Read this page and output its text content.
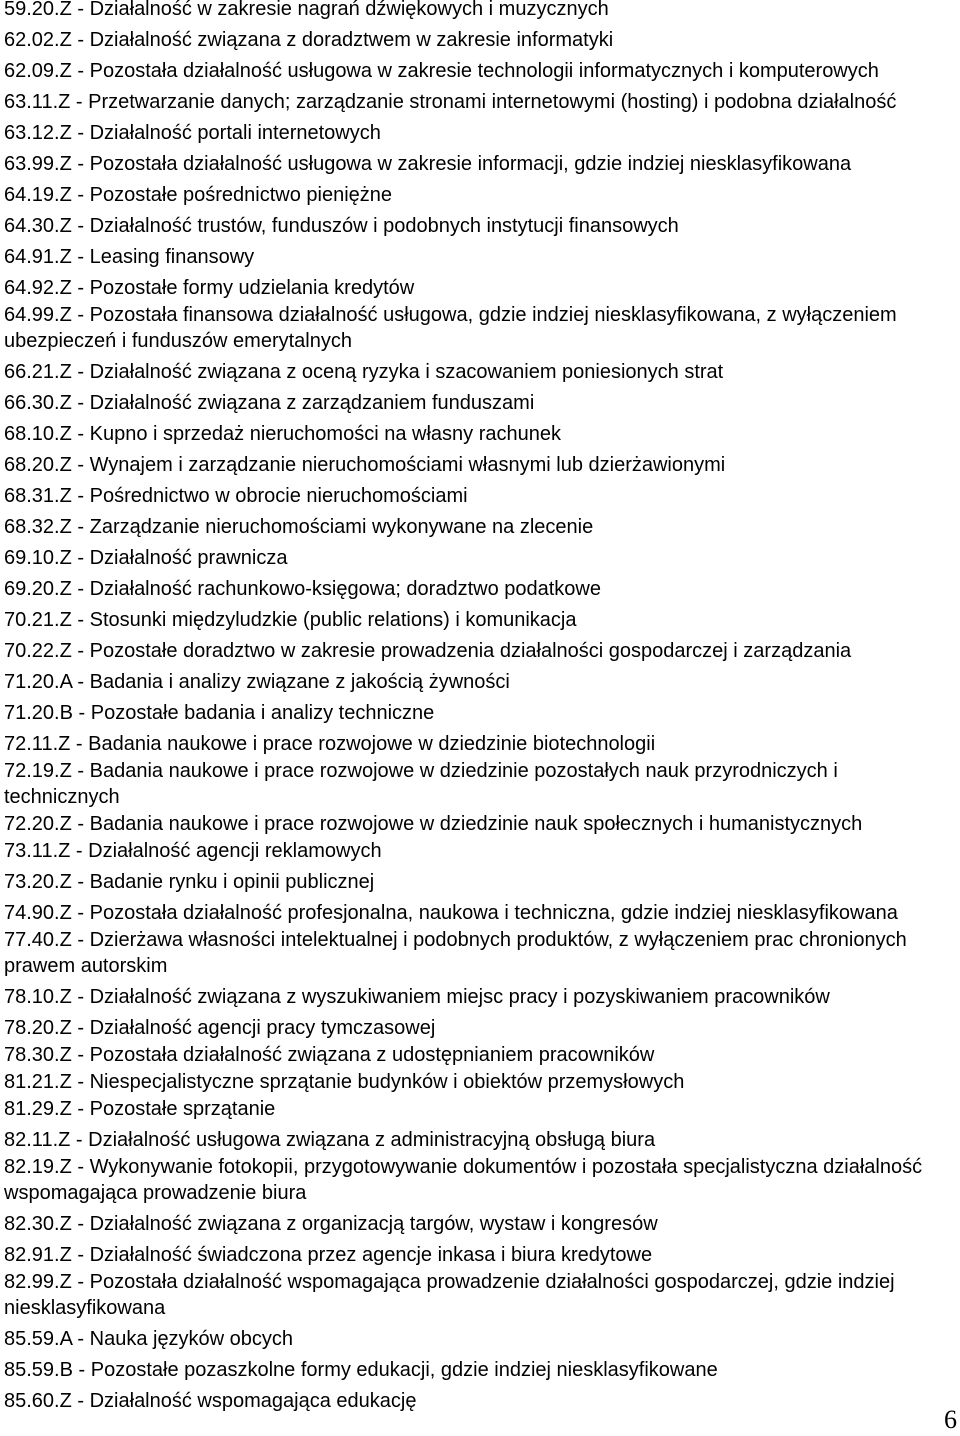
59.20.Z - Działalność w zakresie nagrań dźwiękowych i muzycznych
62.02.Z - Działalność związana z doradztwem w zakresie informatyki
62.09.Z - Pozostała działalność usługowa w zakresie technologii informatycznych i komputerowych
63.11.Z - Przetwarzanie danych; zarządzanie stronami internetowymi (hosting) i podobna działalność
63.12.Z - Działalność portali internetowych
63.99.Z - Pozostała działalność usługowa w zakresie informacji, gdzie indziej niesklasyfikowana
64.19.Z - Pozostałe pośrednictwo pieniężne
64.30.Z - Działalność trustów, funduszów i podobnych instytucji finansowych
64.91.Z - Leasing finansowy
64.92.Z - Pozostałe formy udzielania kredytów
64.99.Z - Pozostała finansowa działalność usługowa, gdzie indziej niesklasyfikowana, z wyłączeniem
ubezpieczeń i funduszów emerytalnych
66.21.Z - Działalność związana z oceną ryzyka i szacowaniem poniesionych strat
66.30.Z - Działalność związana z zarządzaniem funduszami
68.10.Z - Kupno i sprzedaż nieruchomości na własny rachunek
68.20.Z - Wynajem i zarządzanie nieruchomościami własnymi lub dzierżawionymi
68.31.Z - Pośrednictwo w obrocie nieruchomościami
68.32.Z - Zarządzanie nieruchomościami wykonywane na zlecenie
69.10.Z - Działalność prawnicza
69.20.Z - Działalność rachunkowo-księgowa; doradztwo podatkowe
70.21.Z - Stosunki międzyludzkie (public relations) i komunikacja
70.22.Z - Pozostałe doradztwo w zakresie prowadzenia działalności gospodarczej i zarządzania
71.20.A - Badania i analizy związane z jakością żywności
71.20.B - Pozostałe badania i analizy techniczne
72.11.Z - Badania naukowe i prace rozwojowe w dziedzinie biotechnologii
72.19.Z - Badania naukowe i prace rozwojowe w dziedzinie pozostałych nauk przyrodniczych i
technicznych
72.20.Z - Badania naukowe i prace rozwojowe w dziedzinie nauk społecznych i humanistycznych
73.11.Z - Działalność agencji reklamowych
73.20.Z - Badanie rynku i opinii publicznej
74.90.Z - Pozostała działalność profesjonalna, naukowa i techniczna, gdzie indziej niesklasyfikowana
77.40.Z - Dzierżawa własności intelektualnej i podobnych produktów, z wyłączeniem prac chronionych
prawem autorskim
78.10.Z - Działalność związana z wyszukiwaniem miejsc pracy i pozyskiwaniem pracowników
78.20.Z - Działalność agencji pracy tymczasowej
78.30.Z - Pozostała działalność związana z udostępnianiem pracowników
81.21.Z - Niespecjalistyczne sprzątanie budynków i obiektów przemysłowych
81.29.Z - Pozostałe sprzątanie
82.11.Z - Działalność usługowa związana z administracyjną obsługą biura
82.19.Z - Wykonywanie fotokopii, przygotowywanie dokumentów i pozostała specjalistyczna działalność
wspomagająca prowadzenie biura
82.30.Z - Działalność związana z organizacją targów, wystaw i kongresów
82.91.Z - Działalność świadczona przez agencje inkasa i biura kredytowe
82.99.Z - Pozostała działalność wspomagająca prowadzenie działalności gospodarczej, gdzie indziej
niesklasyfikowana
85.59.A - Nauka języków obcych
85.59.B - Pozostałe pozaszkolne formy edukacji, gdzie indziej niesklasyfikowane
85.60.Z - Działalność wspomagająca edukację
6
